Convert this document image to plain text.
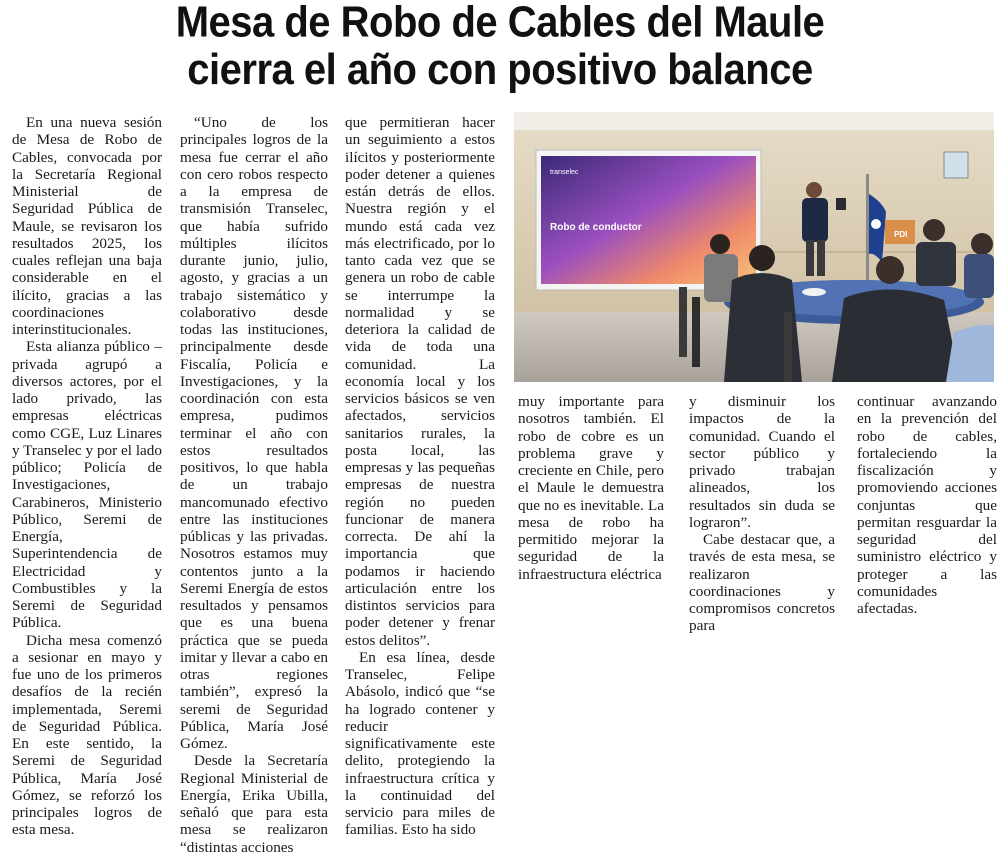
Mesa de Robo de Cables del Maule
cierra el año con positivo balance

En una nueva sesión de Mesa de Robo de Cables, convocada por la Secretaría Regional Ministerial de Seguridad Pública de Maule, se revisaron los resultados 2025, los cuales reflejan una baja considerable en el ilícito, gracias a las coordinaciones interinstitucionales.

Esta alianza público – privada agrupó a diversos actores, por el lado privado, las empresas eléctricas como CGE, Luz Linares y Transelec y por el lado público; Policía de Investigaciones, Carabineros, Ministerio Público, Seremi de Energía, Superintendencia de Electricidad y Combustibles y la Seremi de Seguridad Pública.

Dicha mesa comenzó a sesionar en mayo y fue uno de los primeros desafíos de la recién implementada, Seremi de Seguridad Pública. En este sentido, la Seremi de Seguridad Pública, María José Gómez, se reforzó los principales logros de esta mesa.

“Uno de los principales logros de la mesa fue cerrar el año con cero robos respecto a la empresa de transmisión Transelec, que había sufrido múltiples ilícitos durante junio, julio, agosto, y gracias a un trabajo sistemático y colaborativo desde todas las instituciones, principalmente desde Fiscalía, Policía e Investigaciones, y la coordinación con esta empresa, pudimos terminar el año con estos resultados positivos, lo que habla de un trabajo mancomunado efectivo entre las instituciones públicas y las privadas. Nosotros estamos muy contentos junto a la Seremi Energía de estos resultados y pensamos que es una buena práctica que se pueda imitar y llevar a cabo en otras regiones también”, expresó la seremi de Seguridad Pública, María José Gómez.

Desde la Secretaría Regional Ministerial de Energía, Erika Ubilla, señaló que para esta mesa se realizaron “distintas acciones

que permitieran hacer un seguimiento a estos ilícitos y posteriormente poder detener a quienes están detrás de ellos. Nuestra región y el mundo está cada vez más electrificado, por lo tanto cada vez que se genera un robo de cable se interrumpe la normalidad y se deteriora la calidad de vida de toda una comunidad. La economía local y los servicios básicos se ven afectados, servicios sanitarios rurales, la posta local, las empresas y las pequeñas empresas de nuestra región no pueden funcionar de manera correcta. De ahí la importancia que podamos ir haciendo articulación entre los distintos servicios para poder detener y frenar estos delitos”.

En esa línea, desde Transelec, Felipe Abásolo, indicó que “se ha logrado contener y reducir significativamente este delito, protegiendo la infraestructura crítica y la continuidad del servicio para miles de familias. Esto ha sido

transelec
Robo de conductor
PDI

muy importante para nosotros también. El robo de cobre es un problema grave y creciente en Chile, pero el Maule le demuestra que no es inevitable. La mesa de robo ha permitido mejorar la seguridad de la infraestructura eléctrica

y disminuir los impactos de la comunidad. Cuando el sector público y privado trabajan alineados, los resultados sin duda se lograron”.

Cabe destacar que, a través de esta mesa, se realizaron coordinaciones y compromisos concretos para

continuar avanzando en la prevención del robo de cables, fortaleciendo la fiscalización y promoviendo acciones conjuntas que permitan resguardar la seguridad del suministro eléctrico y proteger a las comunidades afectadas.
